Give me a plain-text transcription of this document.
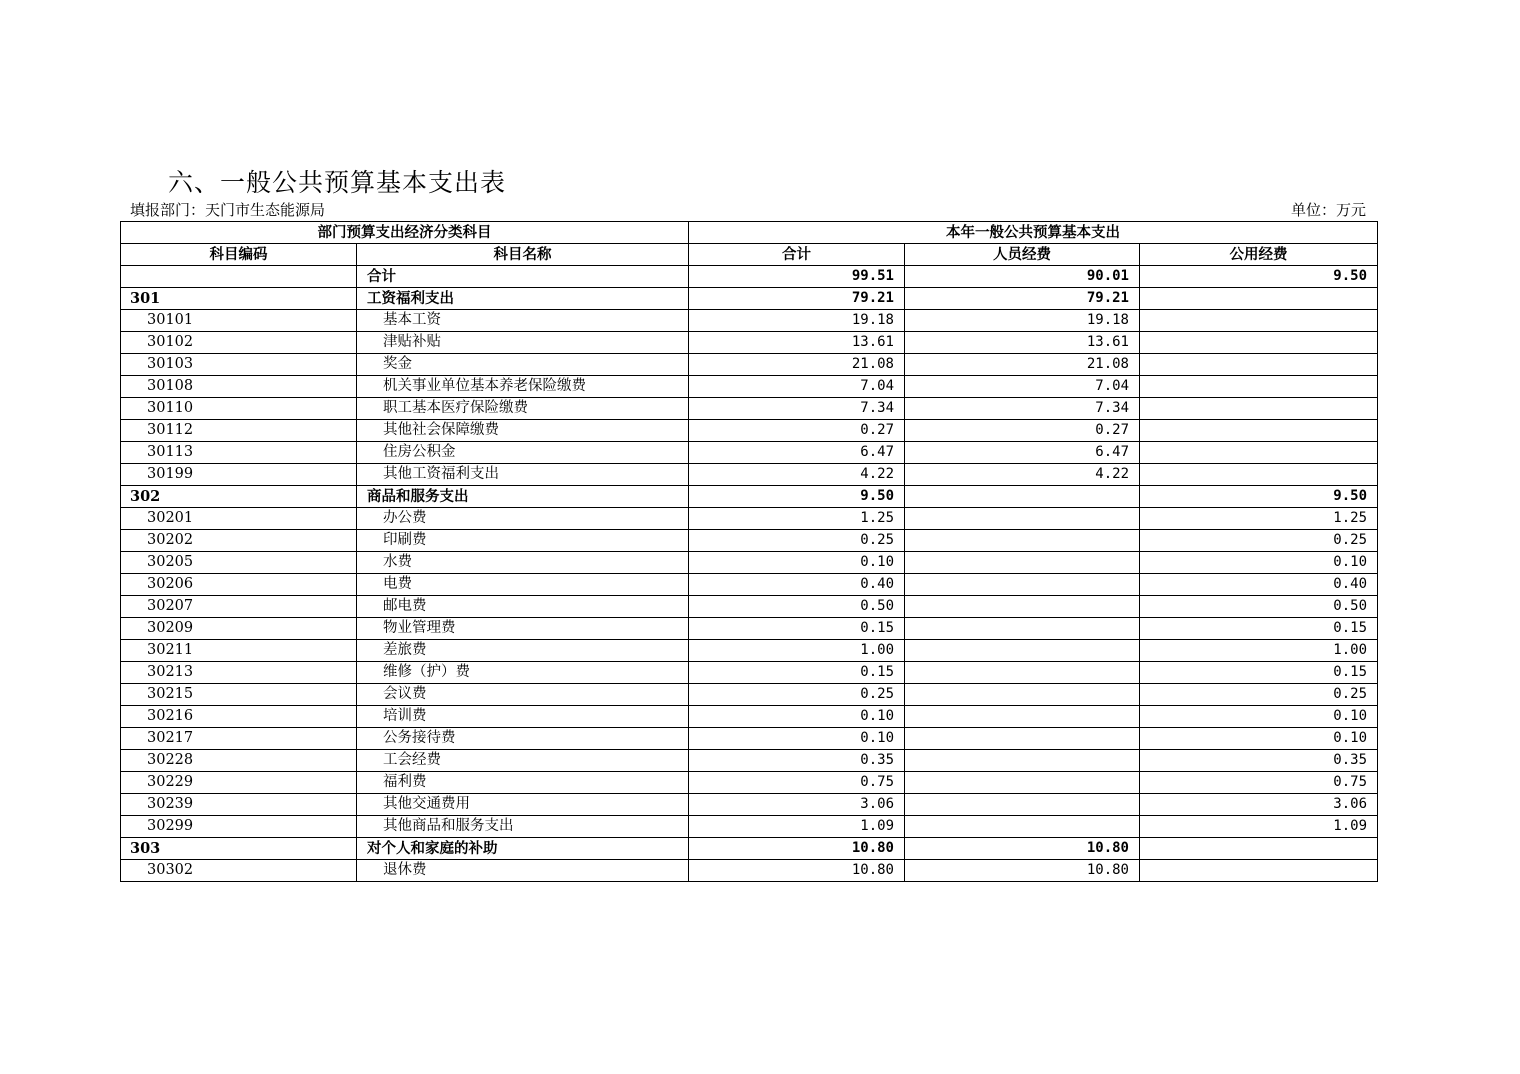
六、一般公共预算基本支出表
填报部门：天门市生态能源局	单位：万元
部门预算支出经济分类科目		本年一般公共预算基本支出		
科目编码	科目名称	合计	人员经费	公用经费
	合计	99.51	90.01	9.50
301	工资福利支出	79.21	79.21	
30101	基本工资	19.18	19.18	
30102	津贴补贴	13.61	13.61	
30103	奖金	21.08	21.08	
30108	机关事业单位基本养老保险缴费	7.04	7.04	
30110	职工基本医疗保险缴费	7.34	7.34	
30112	其他社会保障缴费	0.27	0.27	
30113	住房公积金	6.47	6.47	
30199	其他工资福利支出	4.22	4.22	
302	商品和服务支出	9.50		9.50
30201	办公费	1.25		1.25
30202	印刷费	0.25		0.25
30205	水费	0.10		0.10
30206	电费	0.40		0.40
30207	邮电费	0.50		0.50
30209	物业管理费	0.15		0.15
30211	差旅费	1.00		1.00
30213	维修（护）费	0.15		0.15
30215	会议费	0.25		0.25
30216	培训费	0.10		0.10
30217	公务接待费	0.10		0.10
30228	工会经费	0.35		0.35
30229	福利费	0.75		0.75
30239	其他交通费用	3.06		3.06
30299	其他商品和服务支出	1.09		1.09
303	对个人和家庭的补助	10.80	10.80	
30302	退休费	10.80	10.80	
